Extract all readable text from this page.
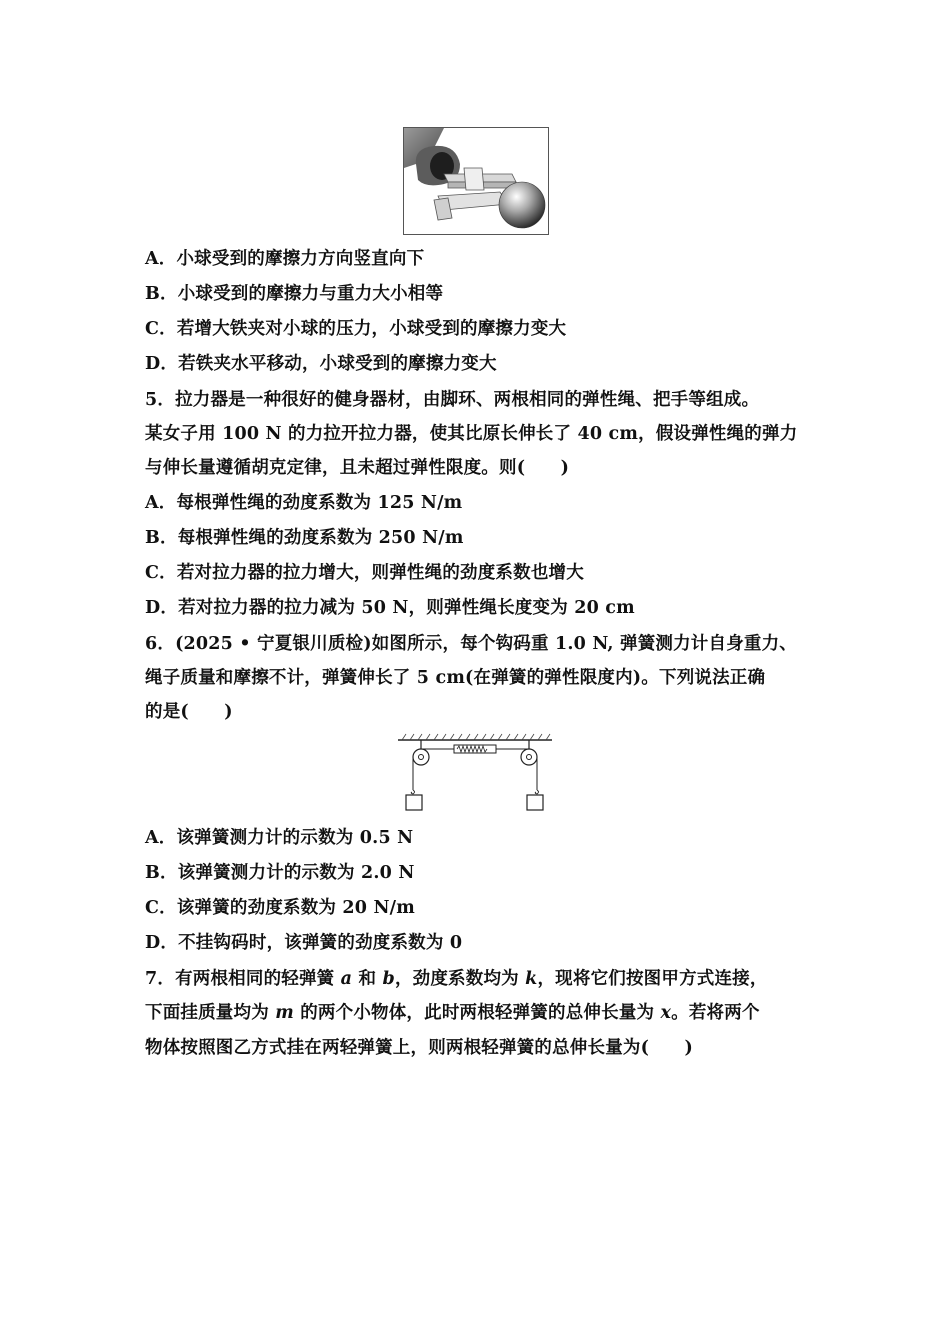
A．小球受到的摩擦力方向竖直向下
B．小球受到的摩擦力与重力大小相等
C．若增大铁夹对小球的压力，小球受到的摩擦力变大
D．若铁夹水平移动，小球受到的摩擦力变大
5．拉力器是一种很好的健身器材，由脚环、两根相同的弹性绳、把手等组成。
某女子用 100 N 的力拉开拉力器，使其比原长伸长了 40 cm，假设弹性绳的弹力
与伸长量遵循胡克定律，且未超过弹性限度。则(　　)
A．每根弹性绳的劲度系数为 125 N/m
B．每根弹性绳的劲度系数为 250 N/m
C．若对拉力器的拉力增大，则弹性绳的劲度系数也增大
D．若对拉力器的拉力减为 50 N，则弹性绳长度变为 20 cm
6．(2025 • 宁夏银川质检)如图所示，每个钩码重 1.0 N, 弹簧测力计自身重力、
绳子质量和摩擦不计，弹簧伸长了 5 cm(在弹簧的弹性限度内)。下列说法正确
的是(　　)
A．该弹簧测力计的示数为 0.5 N
B．该弹簧测力计的示数为 2.0 N
C．该弹簧的劲度系数为 20 N/m
D．不挂钩码时，该弹簧的劲度系数为 0
7．有两根相同的轻弹簧 a 和 b，劲度系数均为 k，现将它们按图甲方式连接，
下面挂质量均为 m 的两个小物体，此时两根轻弹簧的总伸长量为 x。若将两个
物体按照图乙方式挂在两轻弹簧上，则两根轻弹簧的总伸长量为(　　)
